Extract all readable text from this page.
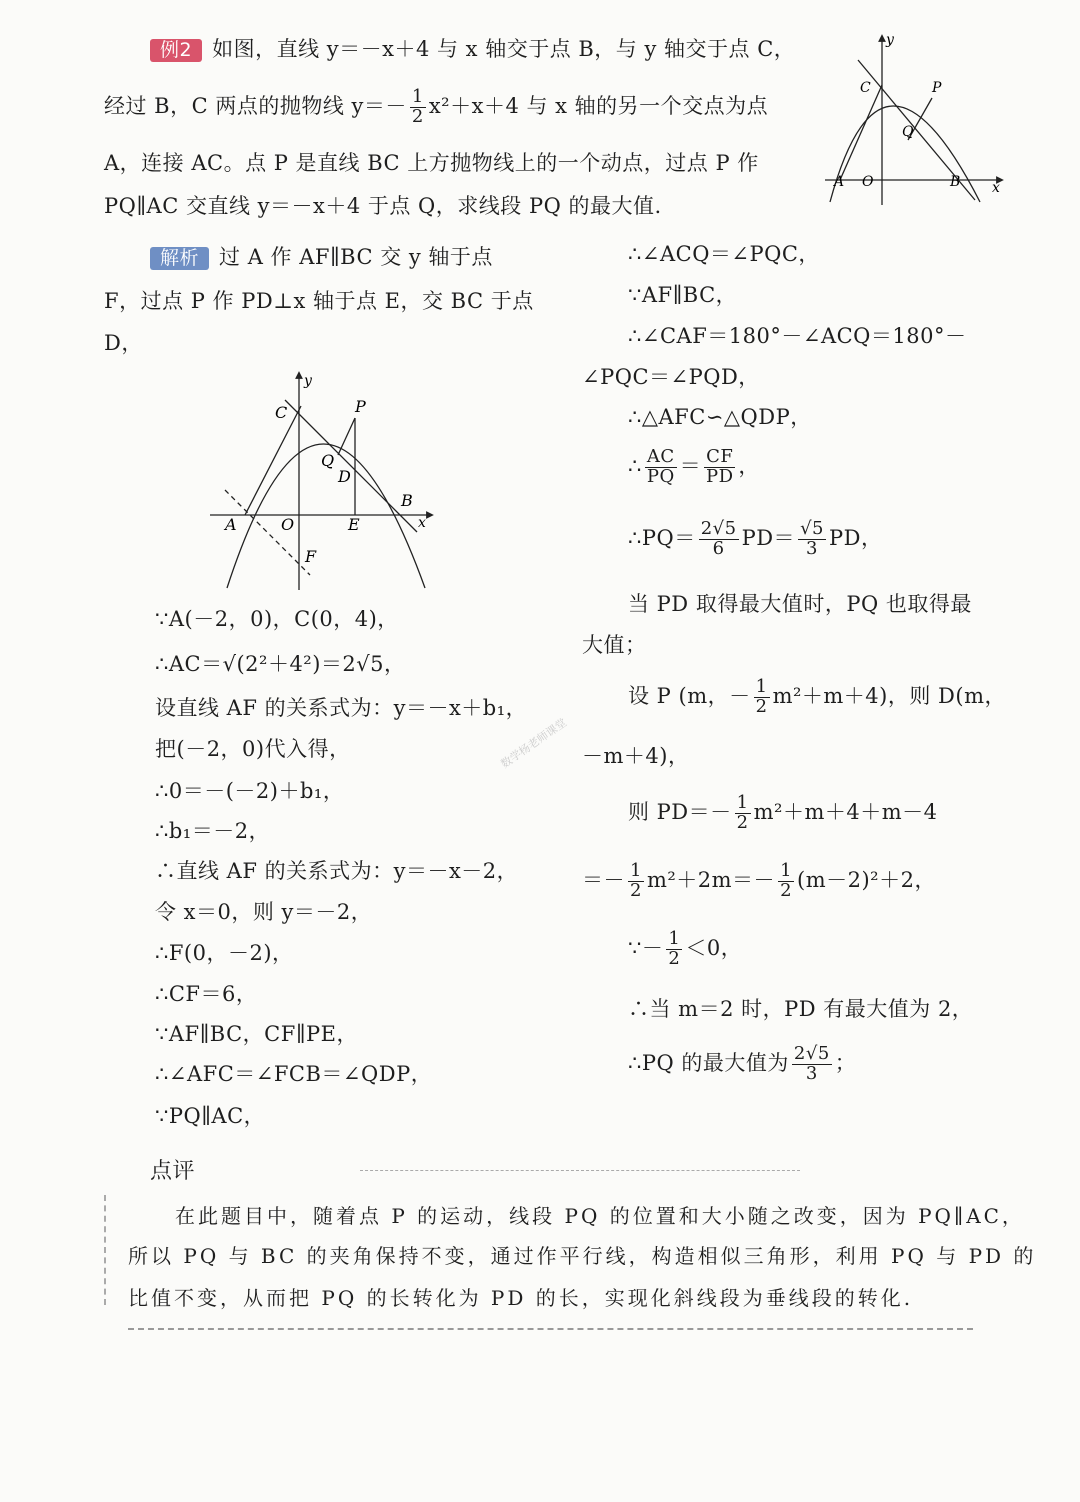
例2 如图，直线 y＝－x＋4 与 x 轴交于点 B，与 y 轴交于点 C，
经过 B，C 两点的抛物线 $y=- \frac{1}{2} x^2+x+4$ 与 x 轴的另一个交点为点
A，连接 AC。点 P 是直线 BC 上方抛物线上的一个动点，过点 P 作
PQ∥AC 交直线 y＝－x＋4 于点 Q，求线段 PQ 的最大值.
y
x
C	P
Q
A O	B
解析 过 A 作 AF∥BC 交 y 轴于点
F，过点 P 作 PD⊥x 轴于点 E，交 BC 于点
D，
y
x
C	P
Q
D
A	O	E
B
F
∵A(－2，0)，C(0，4)，
∴AC＝√(2²＋4²)＝2√5，
设直线 AF 的关系式为：y＝－x＋b₁，
把(－2，0)代入得，
∴0＝－(－2)＋b₁，
∴b₁＝－2，
∴直线 AF 的关系式为：y＝－x－2，
令 x＝0，则 y＝－2，
∴F(0，－2)，
∴CF＝6，
∵AF∥BC，CF∥PE，
∴∠AFC＝∠FCB＝∠QDP，
∵PQ∥AC，
∴∠ACQ＝∠PQC，
∵AF∥BC，
∴∠CAF＝180°－∠ACQ＝180°－
∠PQC＝∠PQD，
∴△AFC∽△QDP，
∴ $\frac{AC}{PQ} = \frac{CF}{PD}$ ，
∴PQ＝ $\frac{2√5}{6} PD= \frac{√5}{3}$ PD，
当 PD 取得最大值时，PQ 也取得最
大值；
设 P (m，－ $\frac{1}{2} m^2+m+4$)，则 D(m，
－m＋4)，
则 $PD=- \frac{1}{2} m^2+m+4+m-4$
＝－ $\frac{1}{2} m^2+2m=- \frac{1}{2} (m-2)^2+2$，
∵－ $\frac{1}{2} <0$，
∴当 m＝2 时，PD 有最大值为 2，
∴PQ 的最大值为 $\frac{2√5}{3}$ ；
数学杨老师课堂
点评
在此题目中，随着点 P 的运动，线段 PQ 的位置和大小随之改变，因为 PQ∥AC，
所以 PQ 与 BC 的夹角保持不变，通过作平行线，构造相似三角形，利用 PQ 与 PD 的
比值不变，从而把 PQ 的长转化为 PD 的长，实现化斜线段为垂线段的转化.
